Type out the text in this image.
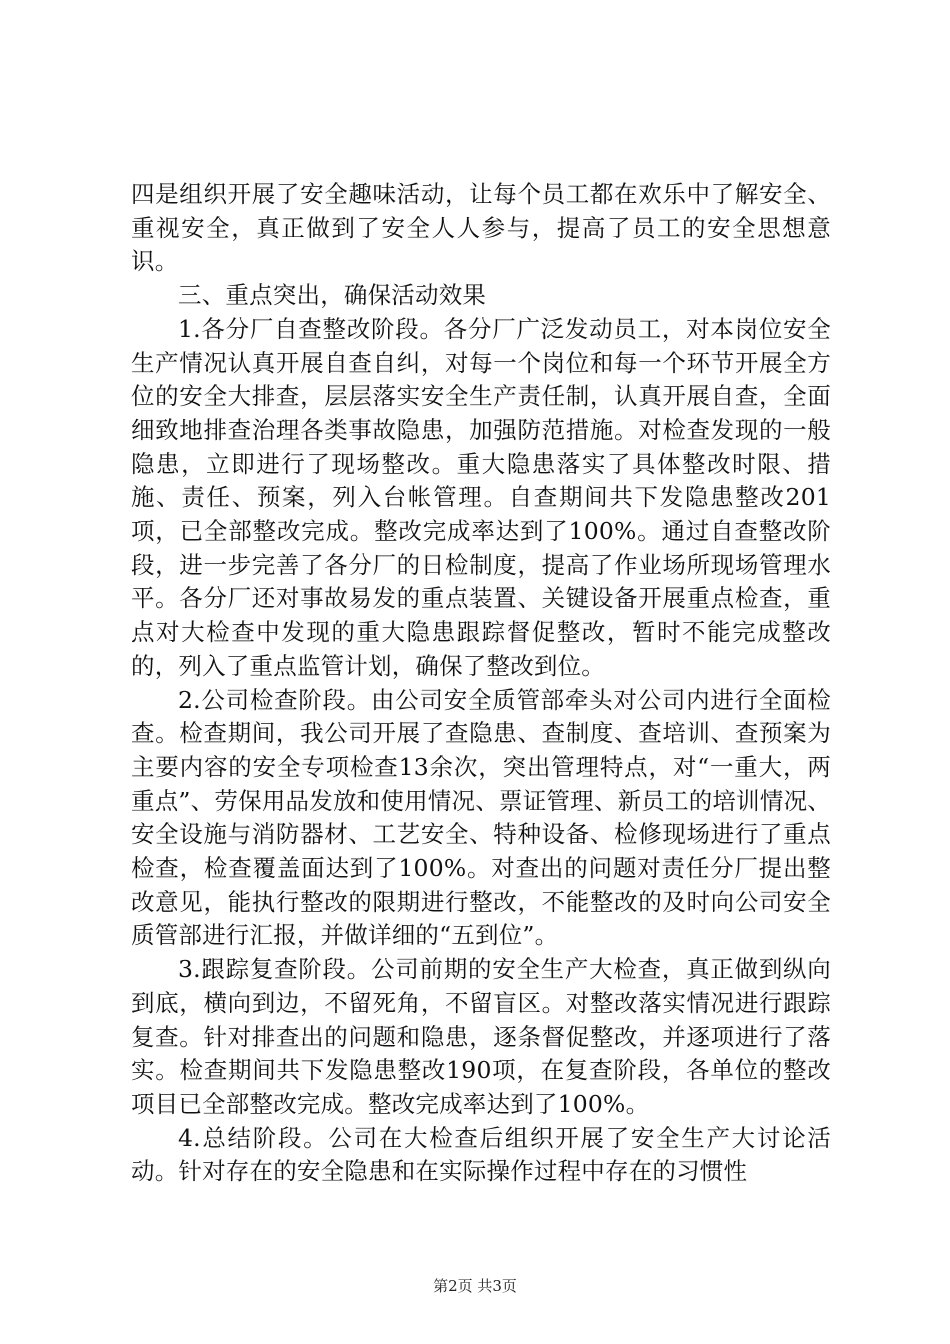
四是组织开展了安全趣味活动，让每个员工都在欢乐中了解安全、重视安全，真正做到了安全人人参与，提高了员工的安全思想意识。

三、重点突出，确保活动效果

1.各分厂自查整改阶段。各分厂广泛发动员工，对本岗位安全生产情况认真开展自查自纠，对每一个岗位和每一个环节开展全方位的安全大排查，层层落实安全生产责任制，认真开展自查，全面细致地排查治理各类事故隐患，加强防范措施。对检查发现的一般隐患，立即进行了现场整改。重大隐患落实了具体整改时限、措施、责任、预案，列入台帐管理。自查期间共下发隐患整改201项，已全部整改完成。整改完成率达到了100%。通过自查整改阶段，进一步完善了各分厂的日检制度，提高了作业场所现场管理水平。各分厂还对事故易发的重点装置、关键设备开展重点检查，重点对大检查中发现的重大隐患跟踪督促整改，暂时不能完成整改的，列入了重点监管计划，确保了整改到位。

2.公司检查阶段。由公司安全质管部牵头对公司内进行全面检查。检查期间，我公司开展了查隐患、查制度、查培训、查预案为主要内容的安全专项检查13余次，突出管理特点，对“一重大，两重点”、劳保用品发放和使用情况、票证管理、新员工的培训情况、安全设施与消防器材、工艺安全、特种设备、检修现场进行了重点检查，检查覆盖面达到了100%。对查出的问题对责任分厂提出整改意见，能执行整改的限期进行整改，不能整改的及时向公司安全质管部进行汇报，并做详细的“五到位”。

3.跟踪复查阶段。公司前期的安全生产大检查，真正做到纵向到底，横向到边，不留死角，不留盲区。对整改落实情况进行跟踪复查。针对排查出的问题和隐患，逐条督促整改，并逐项进行了落实。检查期间共下发隐患整改190项，在复查阶段，各单位的整改项目已全部整改完成。整改完成率达到了100%。

4.总结阶段。公司在大检查后组织开展了安全生产大讨论活动。针对存在的安全隐患和在实际操作过程中存在的习惯性

第2页 共3页
